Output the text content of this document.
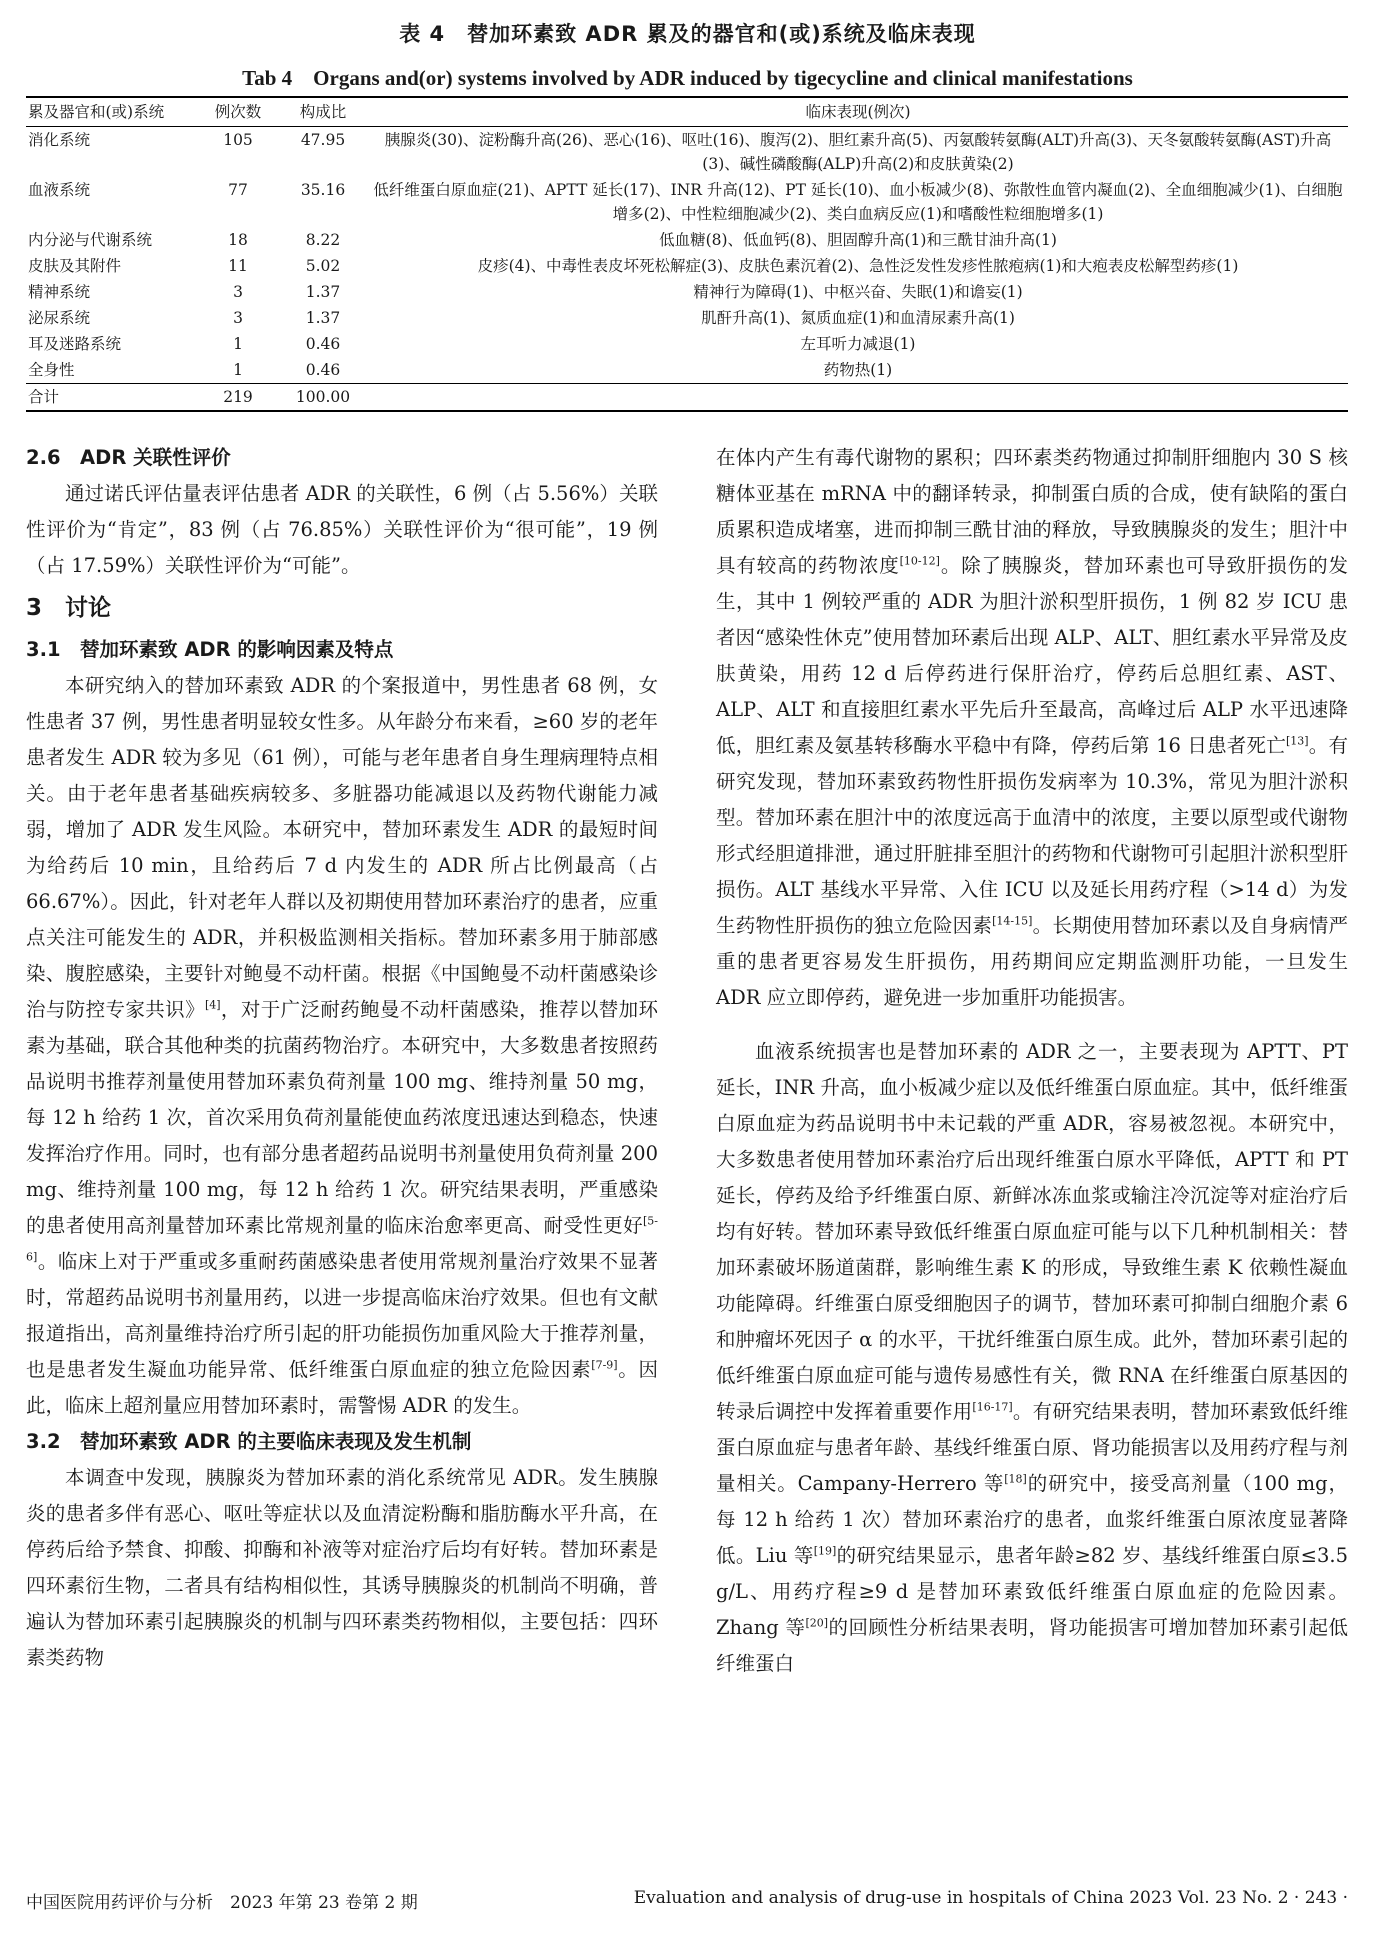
表 4　替加环素致 ADR 累及的器官和(或)系统及临床表现
Tab 4　Organs and(or) systems involved by ADR induced by tigecycline and clinical manifestations
累及器官和(或)系统	例次数	构成比	临床表现(例次)
消化系统	105	47.95	胰腺炎(30)、淀粉酶升高(26)、恶心(16)、呕吐(16)、腹泻(2)、胆红素升高(5)、丙氨酸转氨酶(ALT)升高(3)、天冬氨酸转氨酶(AST)升高(3)、碱性磷酸酶(ALP)升高(2)和皮肤黄染(2)
血液系统	77	35.16	低纤维蛋白原血症(21)、APTT 延长(17)、INR 升高(12)、PT 延长(10)、血小板减少(8)、弥散性血管内凝血(2)、全血细胞减少(1)、白细胞增多(2)、中性粒细胞减少(2)、类白血病反应(1)和嗜酸性粒细胞增多(1)
内分泌与代谢系统	18	8.22	低血糖(8)、低血钙(8)、胆固醇升高(1)和三酰甘油升高(1)
皮肤及其附件	11	5.02	皮疹(4)、中毒性表皮坏死松解症(3)、皮肤色素沉着(2)、急性泛发性发疹性脓疱病(1)和大疱表皮松解型药疹(1)
精神系统	3	1.37	精神行为障碍(1)、中枢兴奋、失眠(1)和谵妄(1)
泌尿系统	3	1.37	肌酐升高(1)、氮质血症(1)和血清尿素升高(1)
耳及迷路系统	1	0.46	左耳听力减退(1)
全身性	1	0.46	药物热(1)
合计	219	100.00	
2.6　ADR 关联性评价

通过诺氏评估量表评估患者 ADR 的关联性，6 例（占 5.56%）关联性评价为“肯定”，83 例（占 76.85%）关联性评价为“很可能”，19 例（占 17.59%）关联性评价为“可能”。

3　讨论
3.1　替加环素致 ADR 的影响因素及特点

本研究纳入的替加环素致 ADR 的个案报道中，男性患者 68 例，女性患者 37 例，男性患者明显较女性多。从年龄分布来看，≥60 岁的老年患者发生 ADR 较为多见（61 例），可能与老年患者自身生理病理特点相关。由于老年患者基础疾病较多、多脏器功能减退以及药物代谢能力减弱，增加了 ADR 发生风险。本研究中，替加环素发生 ADR 的最短时间为给药后 10 min，且给药后 7 d 内发生的 ADR 所占比例最高（占 66.67%）。因此，针对老年人群以及初期使用替加环素治疗的患者，应重点关注可能发生的 ADR，并积极监测相关指标。替加环素多用于肺部感染、腹腔感染，主要针对鲍曼不动杆菌。根据《中国鲍曼不动杆菌感染诊治与防控专家共识》[4]，对于广泛耐药鲍曼不动杆菌感染，推荐以替加环素为基础，联合其他种类的抗菌药物治疗。本研究中，大多数患者按照药品说明书推荐剂量使用替加环素负荷剂量 100 mg、维持剂量 50 mg，每 12 h 给药 1 次，首次采用负荷剂量能使血药浓度迅速达到稳态，快速发挥治疗作用。同时，也有部分患者超药品说明书剂量使用负荷剂量 200 mg、维持剂量 100 mg，每 12 h 给药 1 次。研究结果表明，严重感染的患者使用高剂量替加环素比常规剂量的临床治愈率更高、耐受性更好[5-6]。临床上对于严重或多重耐药菌感染患者使用常规剂量治疗效果不显著时，常超药品说明书剂量用药，以进一步提高临床治疗效果。但也有文献报道指出，高剂量维持治疗所引起的肝功能损伤加重风险大于推荐剂量，也是患者发生凝血功能异常、低纤维蛋白原血症的独立危险因素[7-9]。因此，临床上超剂量应用替加环素时，需警惕 ADR 的发生。

3.2　替加环素致 ADR 的主要临床表现及发生机制

本调查中发现，胰腺炎为替加环素的消化系统常见 ADR。发生胰腺炎的患者多伴有恶心、呕吐等症状以及血清淀粉酶和脂肪酶水平升高，在停药后给予禁食、抑酸、抑酶和补液等对症治疗后均有好转。替加环素是四环素衍生物，二者具有结构相似性，其诱导胰腺炎的机制尚不明确，普遍认为替加环素引起胰腺炎的机制与四环素类药物相似，主要包括：四环素类药物

在体内产生有毒代谢物的累积；四环素类药物通过抑制肝细胞内 30 S 核糖体亚基在 mRNA 中的翻译转录，抑制蛋白质的合成，使有缺陷的蛋白质累积造成堵塞，进而抑制三酰甘油的释放，导致胰腺炎的发生；胆汁中具有较高的药物浓度[10-12]。除了胰腺炎，替加环素也可导致肝损伤的发生，其中 1 例较严重的 ADR 为胆汁淤积型肝损伤，1 例 82 岁 ICU 患者因“感染性休克”使用替加环素后出现 ALP、ALT、胆红素水平异常及皮肤黄染，用药 12 d 后停药进行保肝治疗，停药后总胆红素、AST、ALP、ALT 和直接胆红素水平先后升至最高，高峰过后 ALP 水平迅速降低，胆红素及氨基转移酶水平稳中有降，停药后第 16 日患者死亡[13]。有研究发现，替加环素致药物性肝损伤发病率为 10.3%，常见为胆汁淤积型。替加环素在胆汁中的浓度远高于血清中的浓度，主要以原型或代谢物形式经胆道排泄，通过肝脏排至胆汁的药物和代谢物可引起胆汁淤积型肝损伤。ALT 基线水平异常、入住 ICU 以及延长用药疗程（>14 d）为发生药物性肝损伤的独立危险因素[14-15]。长期使用替加环素以及自身病情严重的患者更容易发生肝损伤，用药期间应定期监测肝功能，一旦发生 ADR 应立即停药，避免进一步加重肝功能损害。

血液系统损害也是替加环素的 ADR 之一，主要表现为 APTT、PT 延长，INR 升高，血小板减少症以及低纤维蛋白原血症。其中，低纤维蛋白原血症为药品说明书中未记载的严重 ADR，容易被忽视。本研究中，大多数患者使用替加环素治疗后出现纤维蛋白原水平降低，APTT 和 PT 延长，停药及给予纤维蛋白原、新鲜冰冻血浆或输注冷沉淀等对症治疗后均有好转。替加环素导致低纤维蛋白原血症可能与以下几种机制相关：替加环素破坏肠道菌群，影响维生素 K 的形成，导致维生素 K 依赖性凝血功能障碍。纤维蛋白原受细胞因子的调节，替加环素可抑制白细胞介素 6 和肿瘤坏死因子 α 的水平，干扰纤维蛋白原生成。此外，替加环素引起的低纤维蛋白原血症可能与遗传易感性有关，微 RNA 在纤维蛋白原基因的转录后调控中发挥着重要作用[16-17]。有研究结果表明，替加环素致低纤维蛋白原血症与患者年龄、基线纤维蛋白原、肾功能损害以及用药疗程与剂量相关。Campany-Herrero 等[18]的研究中，接受高剂量（100 mg，每 12 h 给药 1 次）替加环素治疗的患者，血浆纤维蛋白原浓度显著降低。Liu 等[19]的研究结果显示，患者年龄≥82 岁、基线纤维蛋白原≤3.5 g/L、用药疗程≥9 d 是替加环素致低纤维蛋白原血症的危险因素。Zhang 等[20]的回顾性分析结果表明，肾功能损害可增加替加环素引起低纤维蛋白

中国医院用药评价与分析　2023 年第 23 卷第 2 期	Evaluation and analysis of drug-use in hospitals of China 2023 Vol. 23 No. 2 · 243 ·
